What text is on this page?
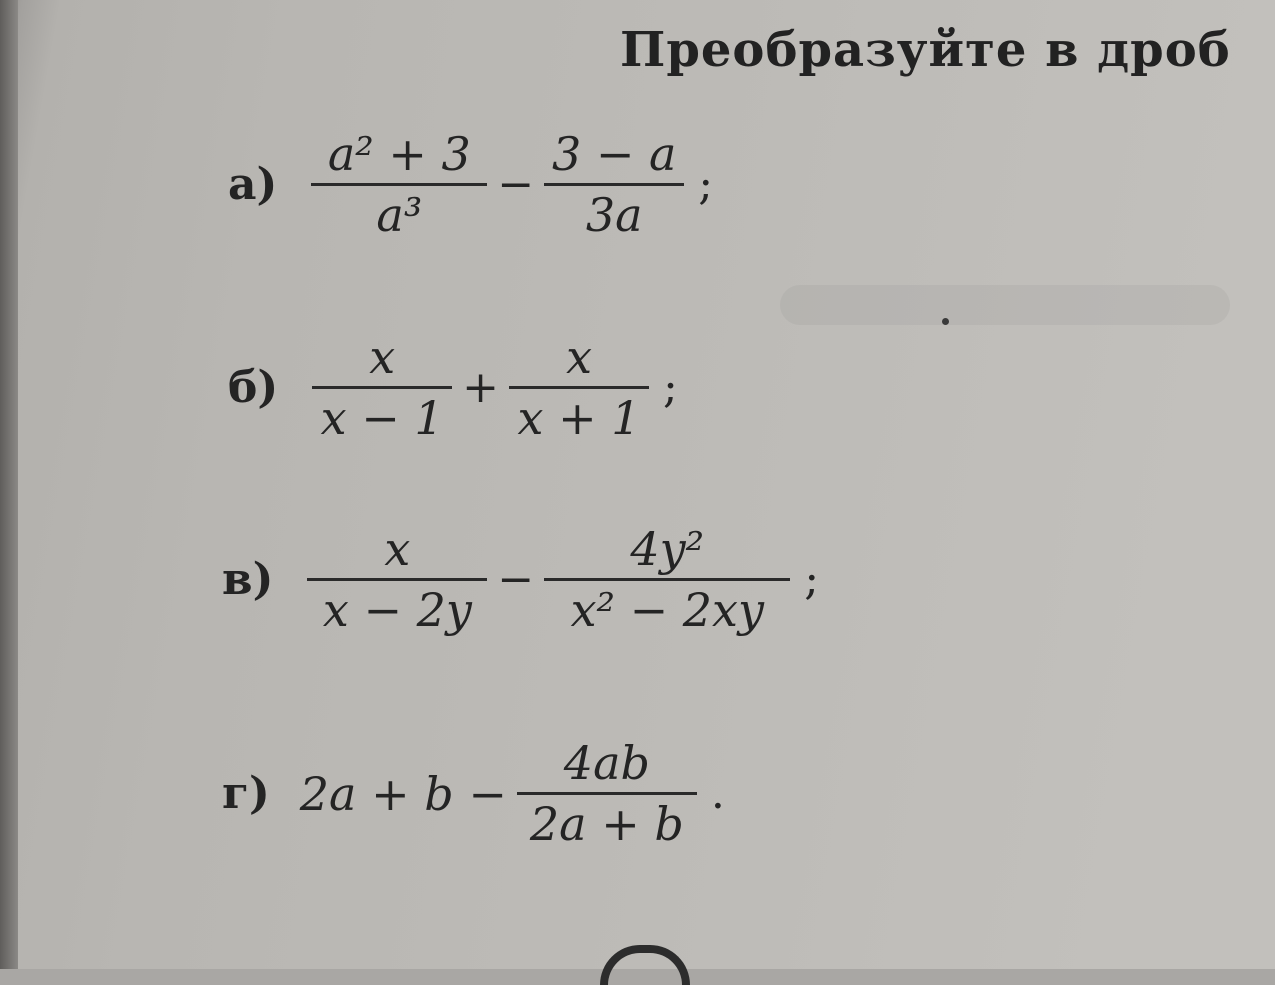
Преобразуйте в дроб
$а) \frac{\text{a² + 3}}{\text{a³}} - \frac{3 - a}{3a}$ ;
$б) \frac{x}{x - 1} + \frac{x}{x + 1}$ ;
$в) \frac{x}{x - 2y} - \frac{\text{4y²}}{\text{x² − 2xy}}$ ;
г) $2a + b - \frac{4ab}{2a + b}$ .
